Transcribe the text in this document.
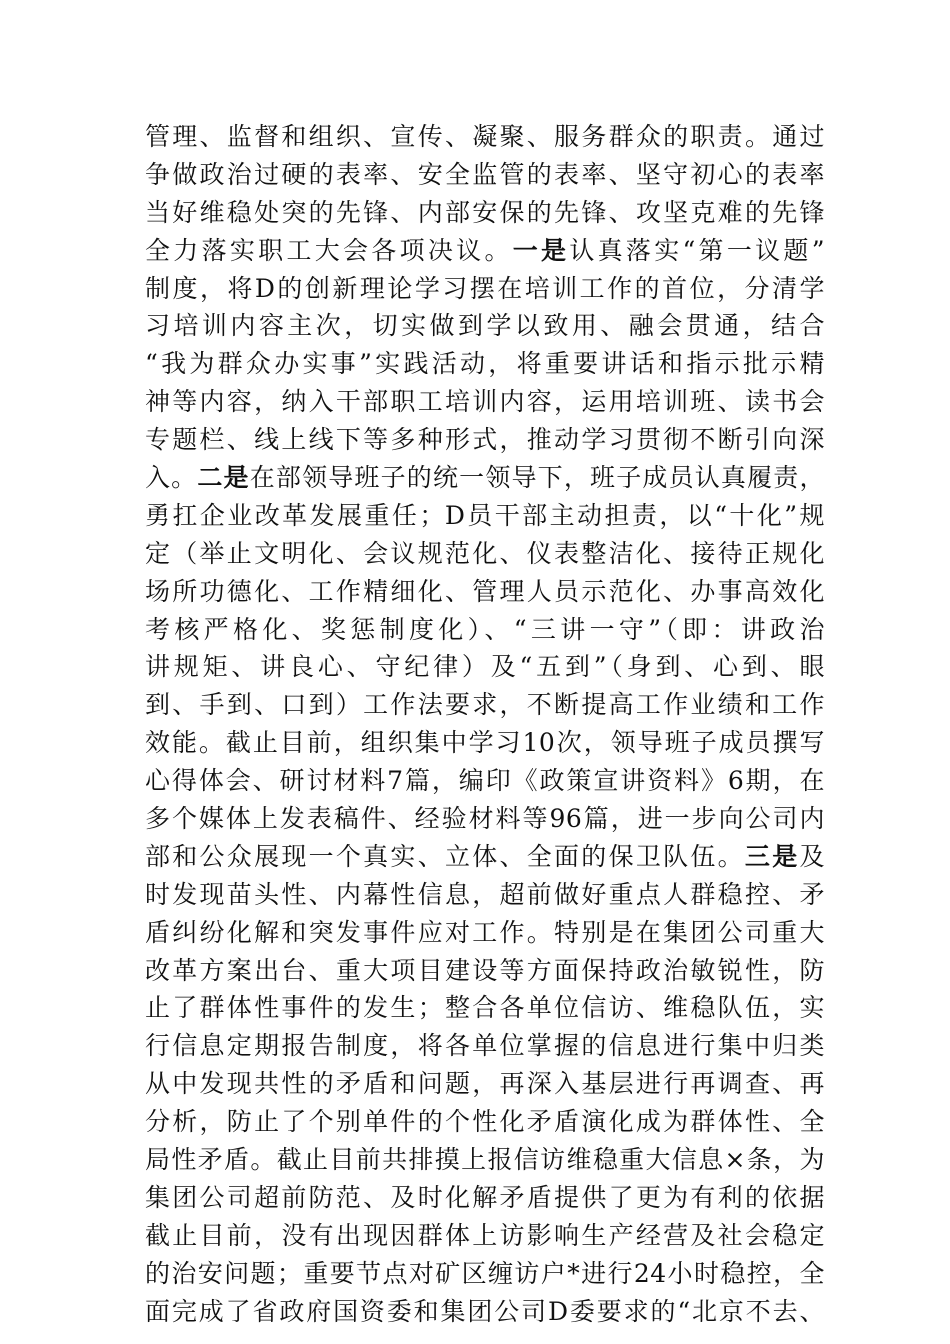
管理、监督和组织、宣传、凝聚、服务群众的职责。通过
争做政治过硬的表率、安全监管的表率、坚守初心的表率
当好维稳处突的先锋、内部安保的先锋、攻坚克难的先锋
全力落实职工大会各项决议。一是认真落实“第一议题”
制度，将D的创新理论学习摆在培训工作的首位，分清学
习培训内容主次，切实做到学以致用、融会贯通，结合
“我为群众办实事”实践活动，将重要讲话和指示批示精
神等内容，纳入干部职工培训内容，运用培训班、读书会
专题栏、线上线下等多种形式，推动学习贯彻不断引向深
入。二是在部领导班子的统一领导下，班子成员认真履责，
勇扛企业改革发展重任；D员干部主动担责，以“十化”规
定（举止文明化、会议规范化、仪表整洁化、接待正规化
场所功德化、工作精细化、管理人员示范化、办事高效化
考核严格化、奖惩制度化）、“三讲一守”（即：讲政治
讲规矩、讲良心、守纪律）及“五到”（身到、心到、眼
到、手到、口到）工作法要求，不断提高工作业绩和工作
效能。截止目前，组织集中学习10次，领导班子成员撰写
心得体会、研讨材料7篇，编印《政策宣讲资料》6期，在
多个媒体上发表稿件、经验材料等96篇，进一步向公司内
部和公众展现一个真实、立体、全面的保卫队伍。三是及
时发现苗头性、内幕性信息，超前做好重点人群稳控、矛
盾纠纷化解和突发事件应对工作。特别是在集团公司重大
改革方案出台、重大项目建设等方面保持政治敏锐性，防
止了群体性事件的发生；整合各单位信访、维稳队伍，实
行信息定期报告制度，将各单位掌握的信息进行集中归类
从中发现共性的矛盾和问题，再深入基层进行再调查、再
分析，防止了个别单件的个性化矛盾演化成为群体性、全
局性矛盾。截止目前共排摸上报信访维稳重大信息×条，为
集团公司超前防范、及时化解矛盾提供了更为有利的依据
截止目前，没有出现因群体上访影响生产经营及社会稳定
的治安问题；重要节点对矿区缠访户*进行24小时稳控，全
面完成了省政府国资委和集团公司D委要求的“北京不去、
